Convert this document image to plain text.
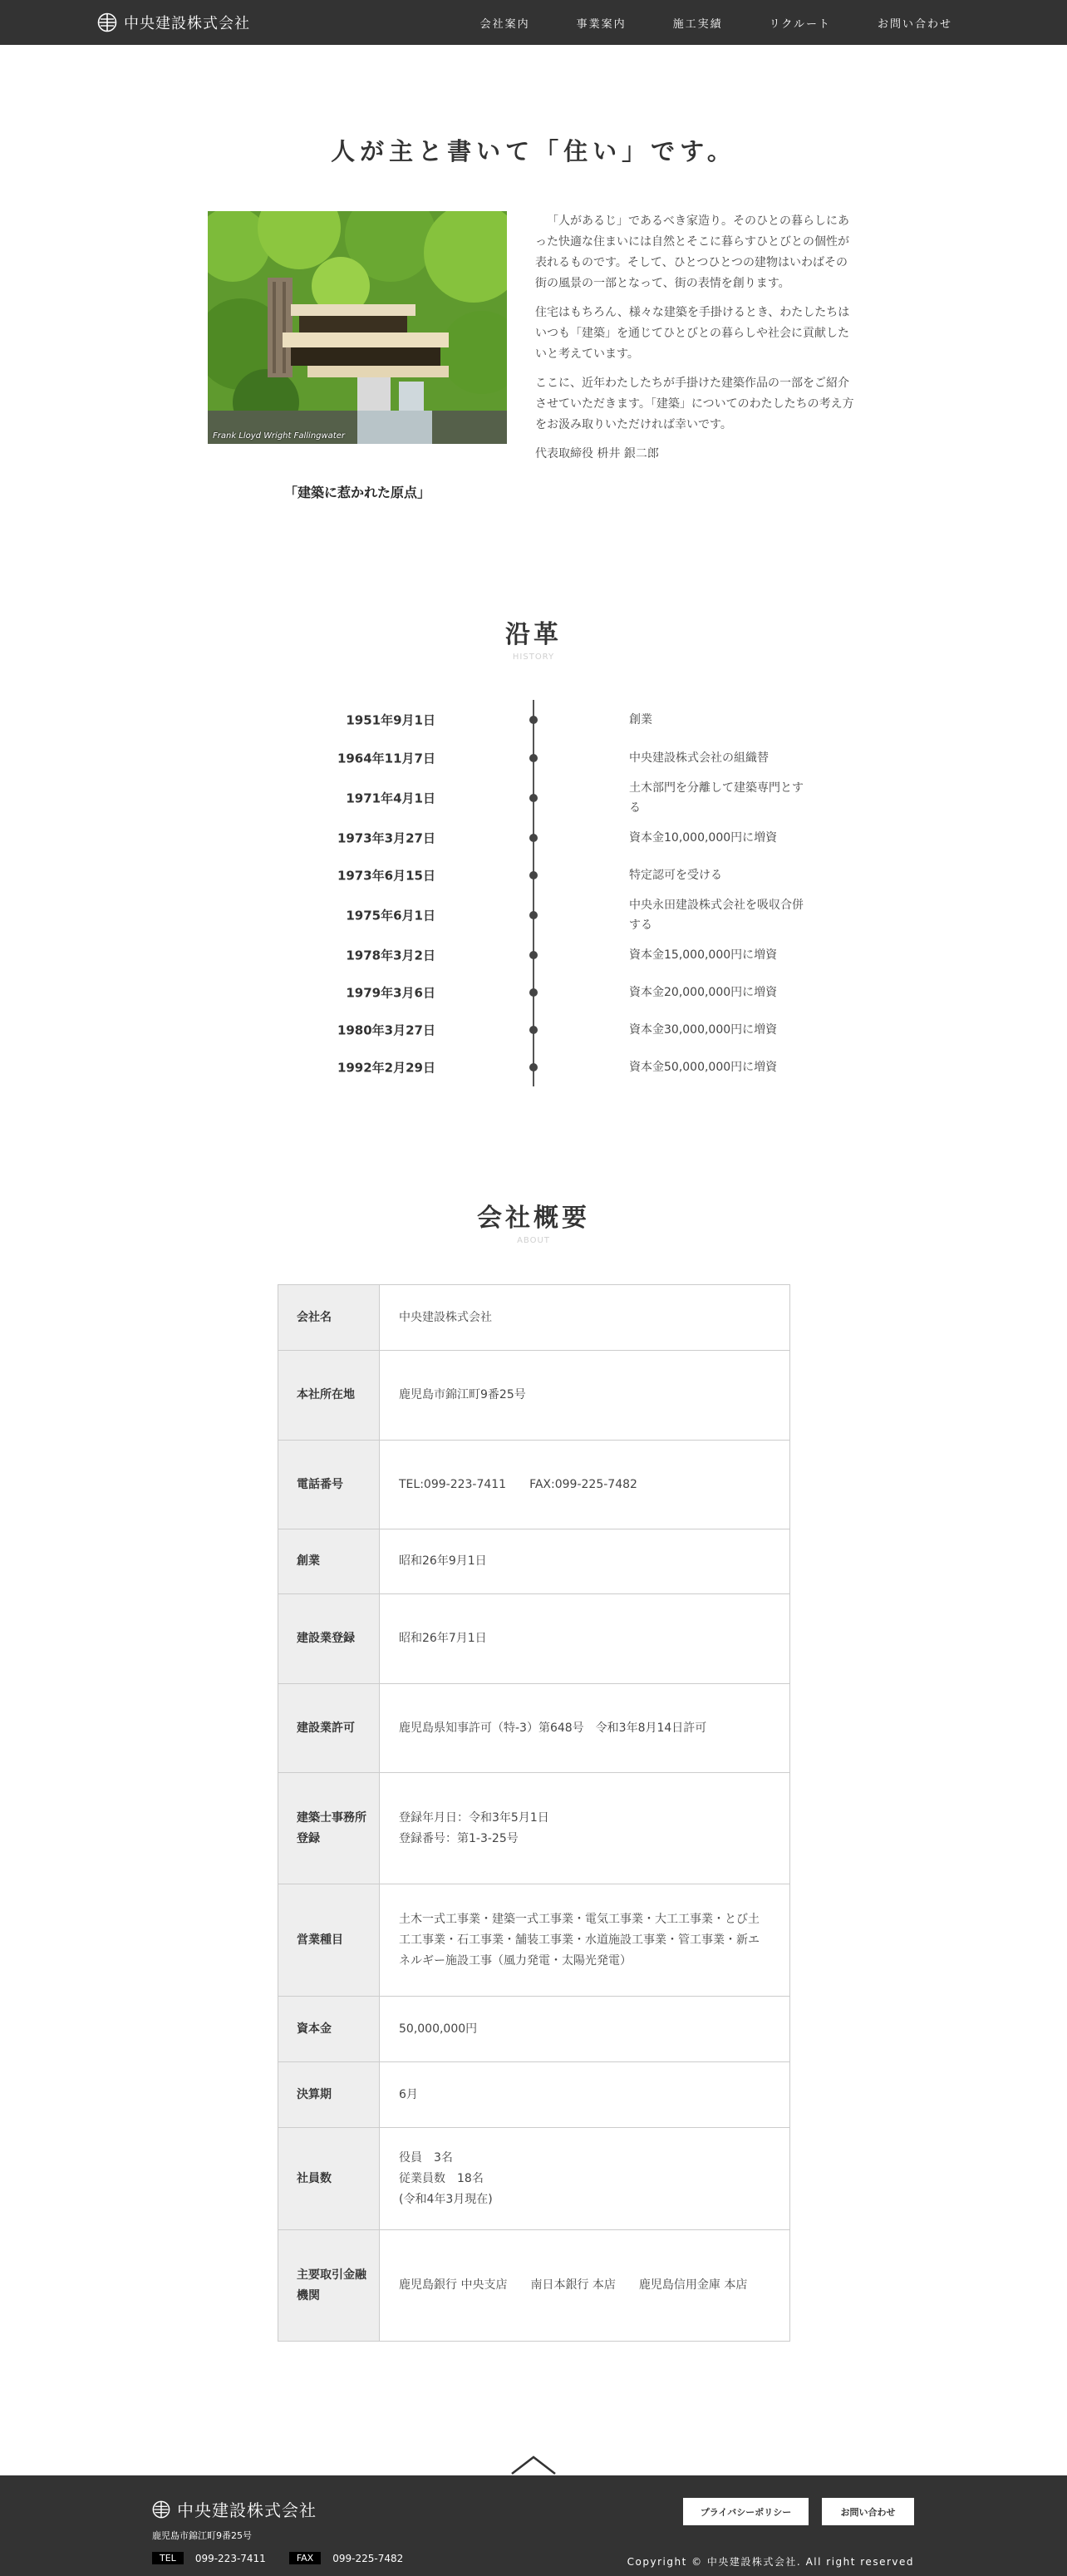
中央建設株式会社	会社案内	事業案内	施工実績	リクルート	お問い合わせ
人が主と書いて「住い」です。
Frank Lloyd Wright Fallingwater
「建築に惹かれた原点」

「人があるじ」であるべき家造り。そのひとの暮らしにあった快適な住まいには自然とそこに暮らすひとびとの個性が表れるものです。そして、ひとつひとつの建物はいわばその街の風景の一部となって、街の表情を創ります。

住宅はもちろん、様々な建築を手掛けるとき、わたしたちはいつも「建築」を通じてひとびとの暮らしや社会に貢献したいと考えています。

ここに、近年わたしたちが手掛けた建築作品の一部をご紹介させていただきます。「建築」についてのわたしたちの考え方をお汲み取りいただければ幸いです。

代表取締役 枡井 銀二郎

沿革
HISTORY
1951年9月1日	創業
1964年11月7日	中央建設株式会社の組織替
1971年4月1日
土木部門を分離して建築専門とする
1973年3月27日	資本金10,000,000円に増資
1973年6月15日	特定認可を受ける
1975年6月1日
中央永田建設株式会社を吸収合併する
1978年3月2日	資本金15,000,000円に増資
1979年3月6日	資本金20,000,000円に増資
1980年3月27日	資本金30,000,000円に増資
1992年2月29日	資本金50,000,000円に増資
会社概要
ABOUT
会社名	中央建設株式会社

本社所在地	鹿児島市錦江町9番25号

電話番号	TEL:099-223-7411　　FAX:099-225-7482

創業	昭和26年9月1日

建設業登録	昭和26年7月1日

建設業許可	鹿児島県知事許可（特-3）第648号　令和3年8月14日許可

建築士事務所登録	登録年月日：令和3年5月1日
登録番号：第1-3-25号

営業種目	土木一式工事業・建築一式工事業・電気工事業・大工工事業・とび土工工事業・石工事業・舗装工事業・水道施設工事業・管工事業・新エネルギー施設工事（風力発電・太陽光発電）

資本金	50,000,000円

決算期	6月

社員数	役員　3名
従業員数　18名
(令和4年3月現在)

主要取引金融機関	鹿児島銀行 中央支店　　南日本銀行 本店　　鹿児島信用金庫 本店
中央建設株式会社
鹿児島市錦江町9番25号
TEL	099-223-7411	FAX	099-225-7482
プライバシーポリシー	お問い合わせ
Copyright © 中央建設株式会社. All right reserved
